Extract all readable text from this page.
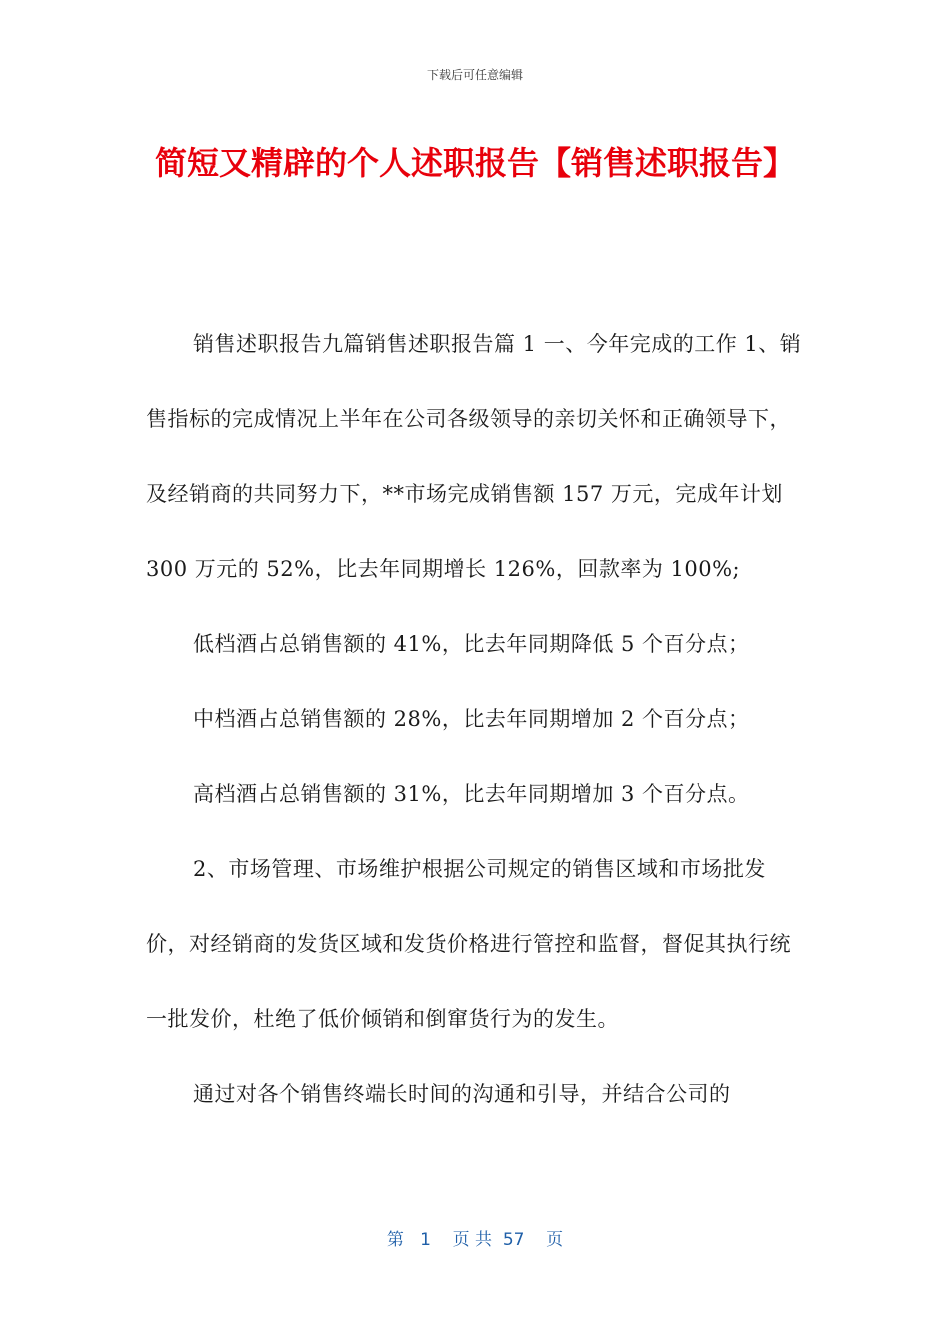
下载后可任意编辑
简短又精辟的个人述职报告【销售述职报告】

销售述职报告九篇销售述职报告篇 1 一、今年完成的工作 1、销售指标的完成情况上半年在公司各级领导的亲切关怀和正确领导下，及经销商的共同努力下，**市场完成销售额 157 万元，完成年计划 300 万元的 52%，比去年同期增长 126%，回款率为 100%;

低档酒占总销售额的 41%，比去年同期降低 5 个百分点；

中档酒占总销售额的 28%，比去年同期增加 2 个百分点；

高档酒占总销售额的 31%，比去年同期增加 3 个百分点。

2、市场管理、市场维护根据公司规定的销售区域和市场批发价，对经销商的发货区域和发货价格进行管控和监督，督促其执行统一批发价，杜绝了低价倾销和倒窜货行为的发生。

通过对各个销售终端长时间的沟通和引导，并结合公司的

第 1 页 共 57 页
